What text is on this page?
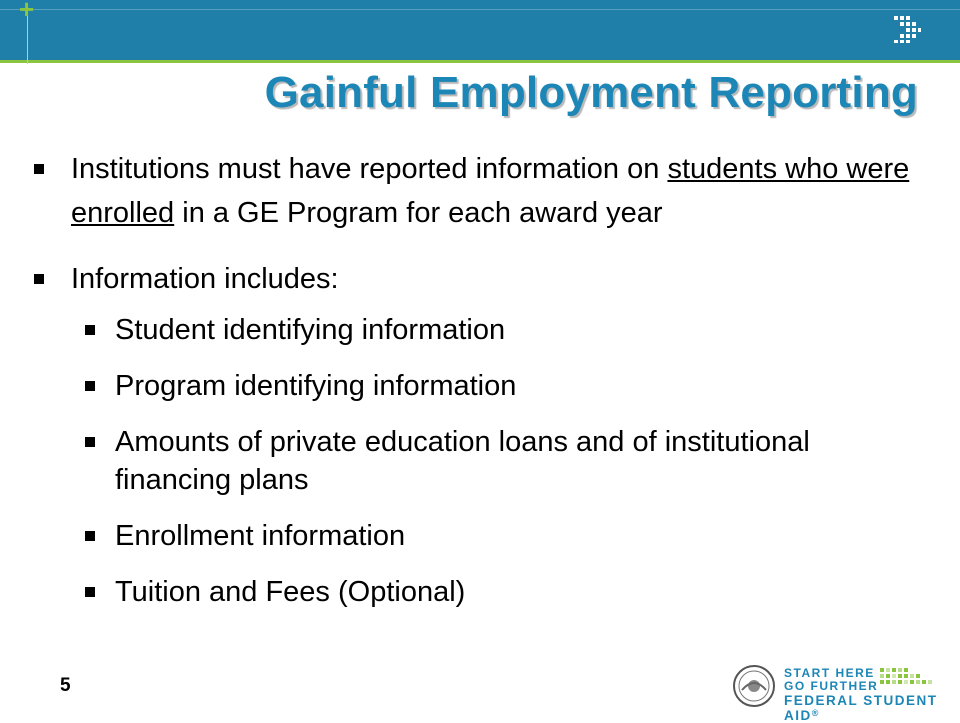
+
Gainful Employment Reporting
Institutions must have reported information on students who were enrolled in a GE Program for each award year
Information includes:
Student identifying information
Program identifying information
Amounts of private education loans and of institutional financing plans
Enrollment information
Tuition and Fees (Optional)
5
START HERE
GO FURTHER
FEDERAL STUDENT AID®
